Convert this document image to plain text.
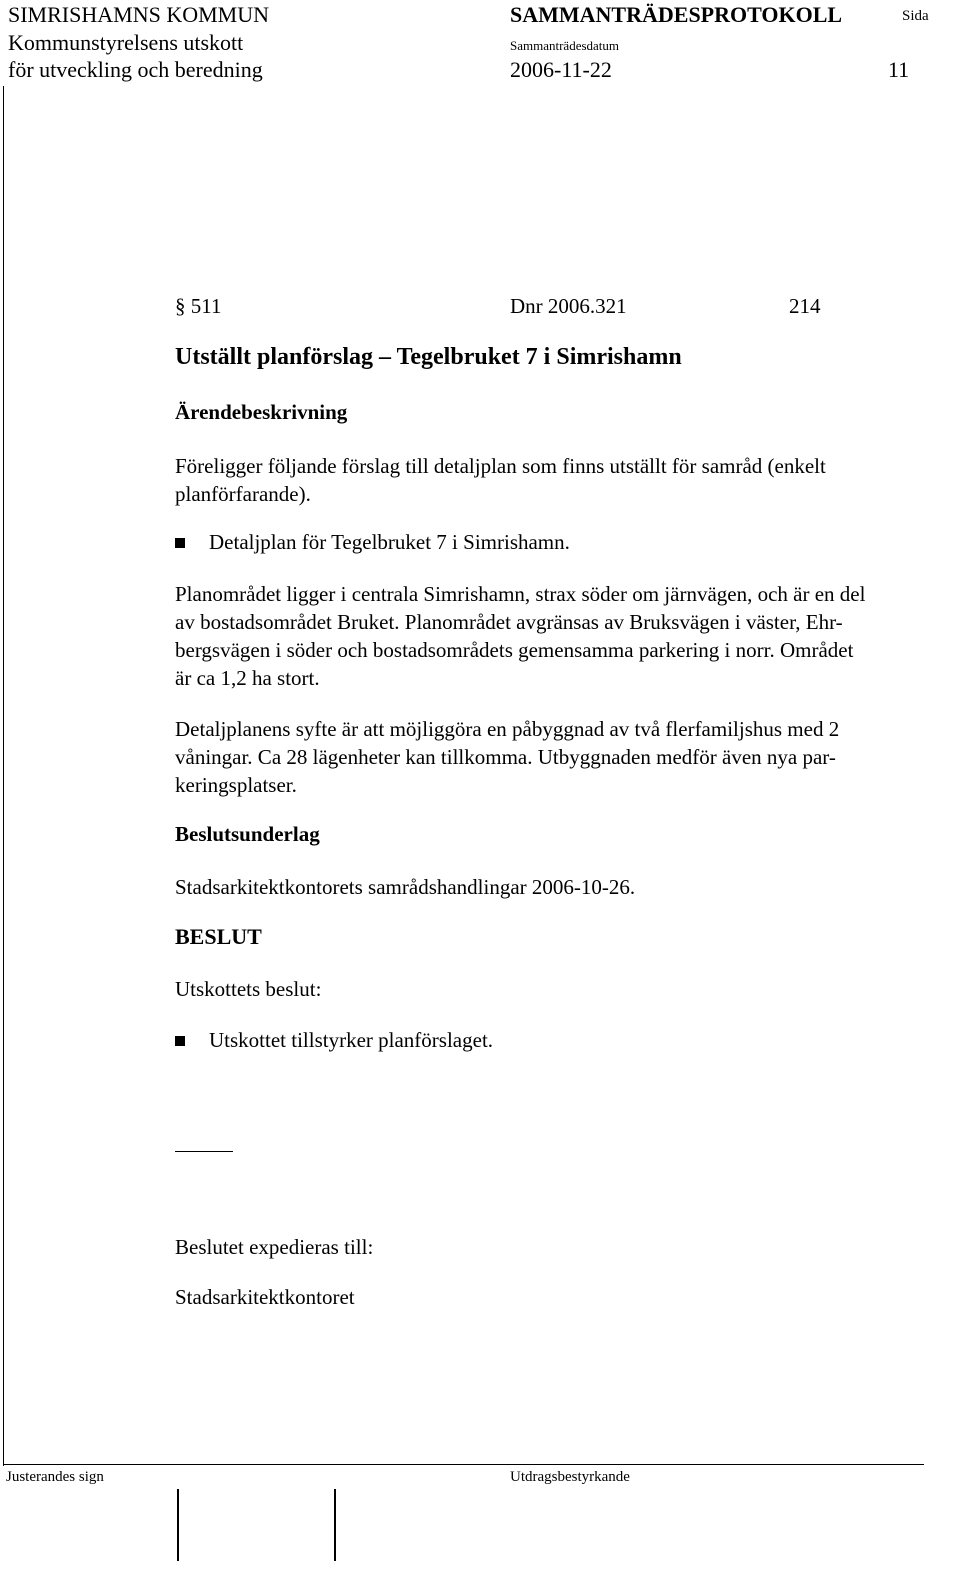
SIMRISHAMNS KOMMUN	SAMMANTRÄDESPROTOKOLL	Sida
Kommunstyrelsens utskott	Sammanträdesdatum
för utveckling och beredning	2006-11-22	11
§ 511	Dnr 2006.321	214
Utställt planförslag – Tegelbruket 7 i Simrishamn
Ärendebeskrivning
Föreligger följande förslag till detaljplan som finns utställt för samråd (enkelt planförfarande).
Detaljplan för Tegelbruket 7 i Simrishamn.
Planområdet ligger i centrala Simrishamn, strax söder om järnvägen, och är en del
av bostadsområdet Bruket. Planområdet avgränsas av Bruksvägen i väster, Ehr-
bergsvägen i söder och bostadsområdets gemensamma parkering i norr. Området
är ca 1,2 ha stort.
Detaljplanens syfte är att möjliggöra en påbyggnad av två flerfamiljshus med 2
våningar. Ca 28 lägenheter kan tillkomma. Utbyggnaden medför även nya par-
keringsplatser.
Beslutsunderlag
Stadsarkitektkontorets samrådshandlingar 2006-10-26.
BESLUT
Utskottets beslut:
Utskottet tillstyrker planförslaget.
Beslutet expedieras till:
Stadsarkitektkontoret
Justerandes sign	Utdragsbestyrkande
